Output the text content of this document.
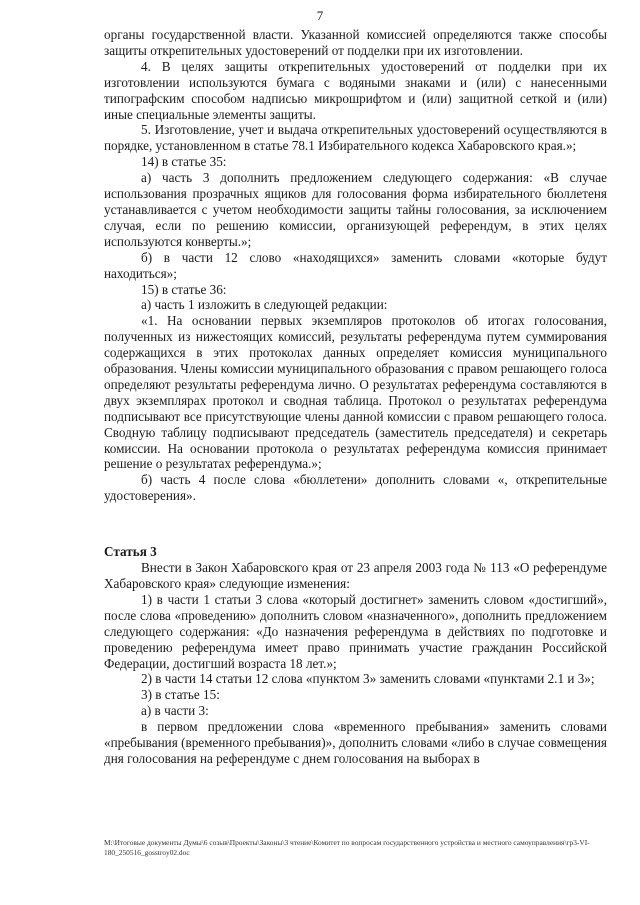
7

органы государственной власти. Указанной комиссией определяются также способы защиты открепительных удостоверений от подделки при их изготовлении.

4. В целях защиты открепительных удостоверений от подделки при их изготовлении используются бумага с водяными знаками и (или) с нанесенными типографским способом надписью микрошрифтом и (или) защитной сеткой и (или) иные специальные элементы защиты.

5. Изготовление, учет и выдача открепительных удостоверений осуществляются в порядке, установленном в статье 78.1 Избирательного кодекса Хабаровского края.»;

14) в статье 35:

а) часть 3 дополнить предложением следующего содержания: «В случае использования прозрачных ящиков для голосования форма избирательного бюллетеня устанавливается с учетом необходимости защиты тайны голосования, за исключением случая, если по решению комиссии, организующей референдум, в этих целях используются конверты.»;

б) в части 12 слово «находящихся» заменить словами «которые будут находиться»;

15) в статье 36:

а) часть 1 изложить в следующей редакции:

«1. На основании первых экземпляров протоколов об итогах голосования, полученных из нижестоящих комиссий, результаты референдума путем суммирования содержащихся в этих протоколах данных определяет комиссия муниципального образования. Члены комиссии муниципального образования с правом решающего голоса определяют результаты референдума лично. О результатах референдума составляются в двух экземплярах протокол и сводная таблица. Протокол о результатах референдума подписывают все присутствующие члены данной комиссии с правом решающего голоса. Сводную таблицу подписывают председатель (заместитель председателя) и секретарь комиссии. На основании протокола о результатах референдума комиссия принимает решение о результатах референдума.»;

б) часть 4 после слова «бюллетени» дополнить словами «, открепительные удостоверения».

Статья 3

Внести в Закон Хабаровского края от 23 апреля 2003 года № 113 «О референдуме Хабаровского края» следующие изменения:

1) в части 1 статьи 3 слова «который достигнет» заменить словом «достигший», после слова «проведению» дополнить словом «назначенного», дополнить предложением следующего содержания: «До назначения референдума в действиях по подготовке и проведению референдума имеет право принимать участие гражданин Российской Федерации, достигший возраста 18 лет.»;

2) в части 14 статьи 12 слова «пунктом 3» заменить словами «пунктами 2.1 и 3»;

3) в статье 15:

а) в части 3:

в первом предложении слова «временного пребывания» заменить словами «пребывания (временного пребывания)», дополнить словами «либо в случае совмещения дня голосования на референдуме с днем голосования на выборах в

M:\Итоговые документы Думы\6 созыв\Проекты\Законы\3 чтение\Комитет по вопросам государственного устройства и местного самоуправления\гр3-VI-180_250516_gosstroy02.doc
